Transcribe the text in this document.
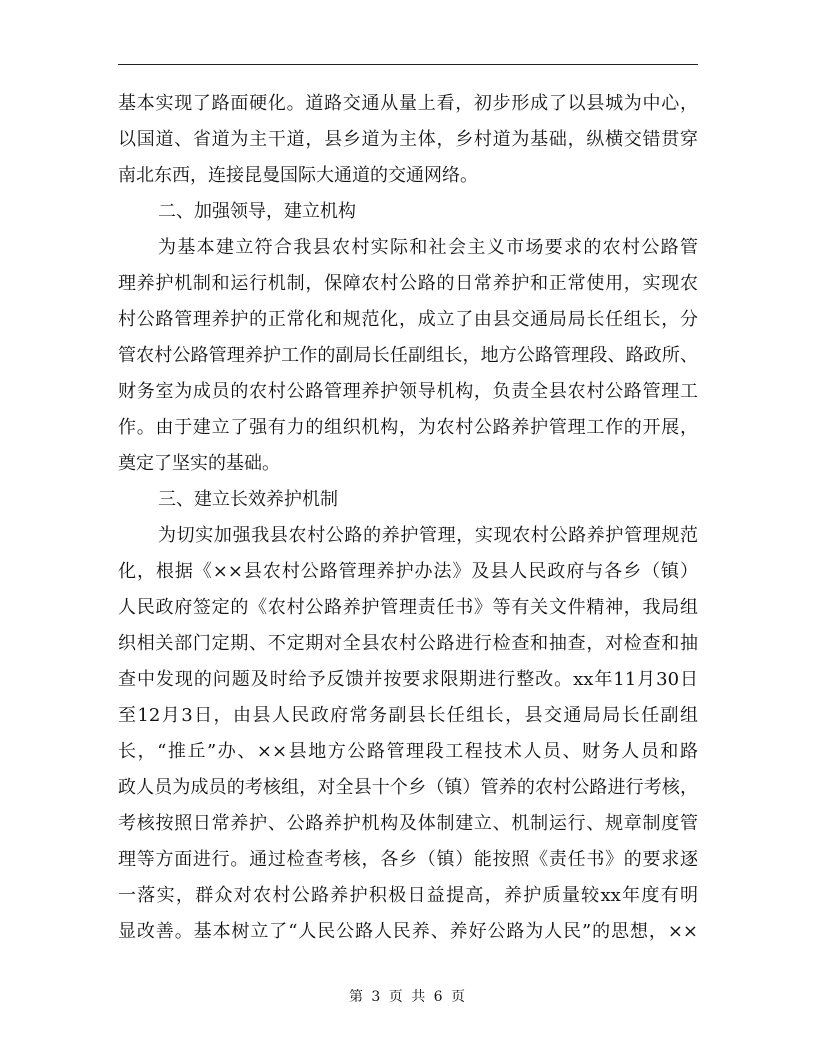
基本实现了路面硬化。道路交通从量上看，初步形成了以县城为中心，
以国道、省道为主干道，县乡道为主体，乡村道为基础，纵横交错贯穿
南北东西，连接昆曼国际大通道的交通网络。
二、加强领导，建立机构
为基本建立符合我县农村实际和社会主义市场要求的农村公路管
理养护机制和运行机制，保障农村公路的日常养护和正常使用，实现农
村公路管理养护的正常化和规范化，成立了由县交通局局长任组长，分
管农村公路管理养护工作的副局长任副组长，地方公路管理段、路政所、
财务室为成员的农村公路管理养护领导机构，负责全县农村公路管理工
作。由于建立了强有力的组织机构，为农村公路养护管理工作的开展，
奠定了坚实的基础。
三、建立长效养护机制
为切实加强我县农村公路的养护管理，实现农村公路养护管理规范
化，根据《××县农村公路管理养护办法》及县人民政府与各乡（镇）
人民政府签定的《农村公路养护管理责任书》等有关文件精神，我局组
织相关部门定期、不定期对全县农村公路进行检查和抽查，对检查和抽
查中发现的问题及时给予反馈并按要求限期进行整改。xx年11月30日
至12月3日，由县人民政府常务副县长任组长，县交通局局长任副组
长，“推丘”办、××县地方公路管理段工程技术人员、财务人员和路
政人员为成员的考核组，对全县十个乡（镇）管养的农村公路进行考核，
考核按照日常养护、公路养护机构及体制建立、机制运行、规章制度管
理等方面进行。通过检查考核，各乡（镇）能按照《责任书》的要求逐
一落实，群众对农村公路养护积极日益提高，养护质量较xx年度有明
显改善。基本树立了“人民公路人民养、养好公路为人民”的思想，××
第 3 页 共 6 页
